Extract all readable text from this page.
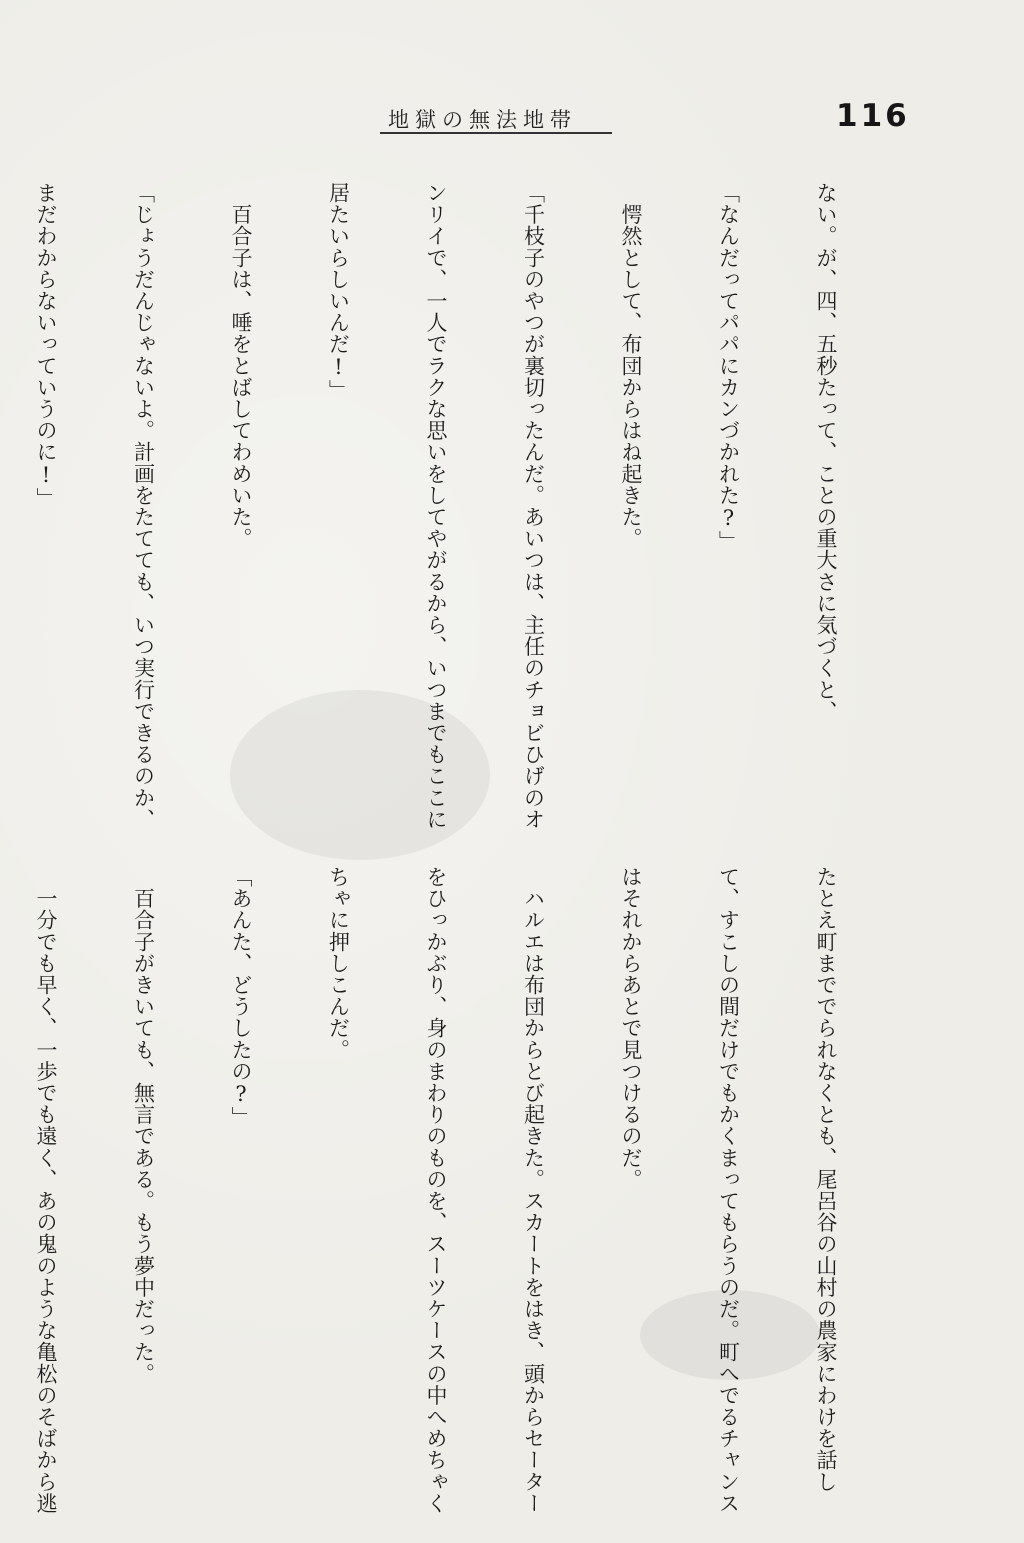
地獄の無法地帯	116

ない。が、四、五秒たって、ことの重大さに気づくと、

「なんだってパパにカンづかれた?」

　愕然として、布団からはね起きた。

「千枝子のやつが裏切ったんだ。あいつは、主任のチョビひげのオ

ンリイで、一人でラクな思いをしてやがるから、いつまでもここに

居たいらしいんだ!」

　百合子は、唾をとばしてわめいた。

「じょうだんじゃないよ。計画をたてても、いつ実行できるのか、

まだわからないっていうのに!」

たとえ町まででられなくとも、尾呂谷の山村の農家にわけを話し

て、すこしの間だけでもかくまってもらうのだ。町へでるチャンス

はそれからあとで見つけるのだ。

　ハルエは布団からとび起きた。スカートをはき、頭からセーター

をひっかぶり、身のまわりのものを、スーツケースの中へめちゃく

ちゃに押しこんだ。

「あんた、どうしたの?」

　百合子がきいても、無言である。もう夢中だった。

　一分でも早く、一歩でも遠く、あの鬼のような亀松のそばから逃
